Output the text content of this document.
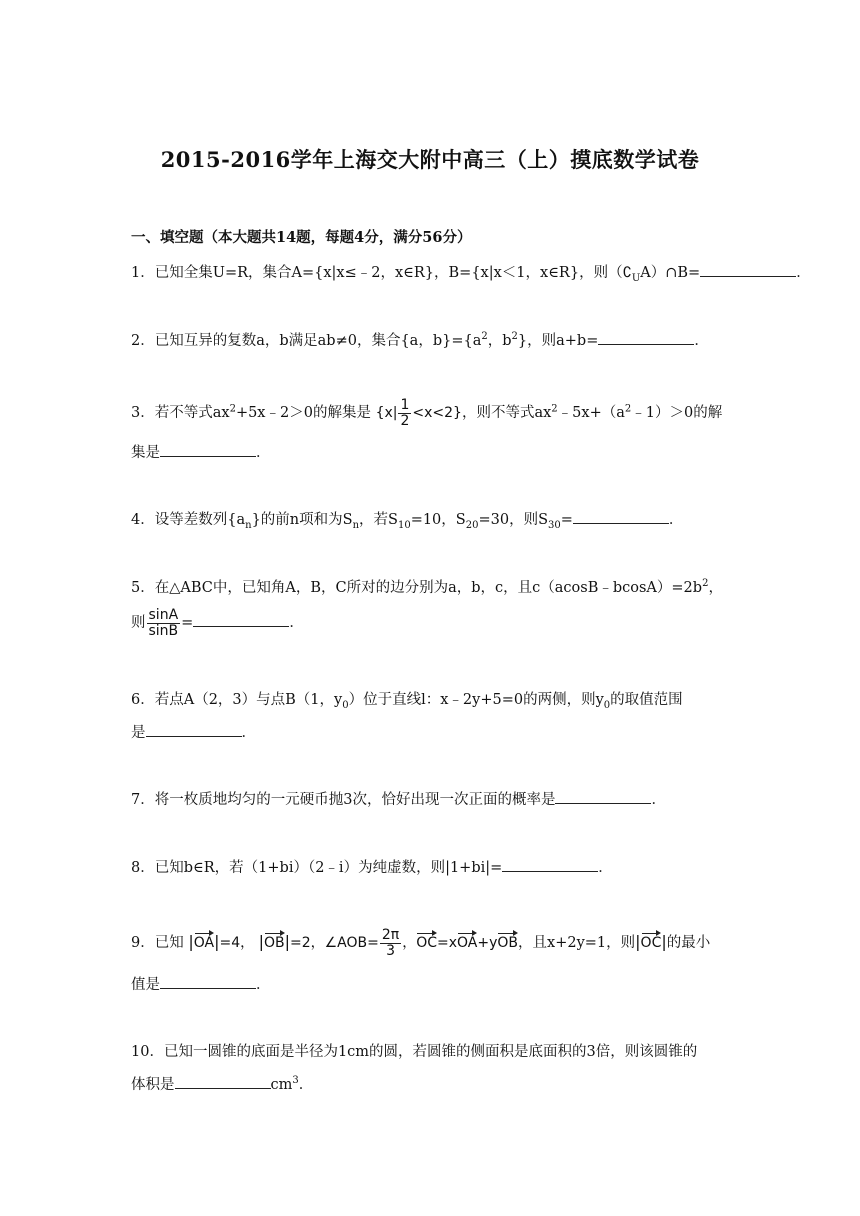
2015-2016学年上海交大附中高三（上）摸底数学试卷
一、填空题（本大题共14题，每题4分，满分56分）
1．已知全集U=R，集合A={x|x≤﹣2，x∈R}，B={x|x＜1，x∈R}，则$(∁_UA)\cap B=$	．
2．已知互异的复数a，b满足ab≠0，集合{a，$b\}=\{a^2$，$b^2$}，则a+b=	．
3．若不等式$ax^2+5x﹣2>0$的解集是 $\{x| \frac{1}{2} <x<2\}$，则不等式$ax^2﹣5x+(a^2﹣1)>0$的解
集是	．
4．设等差数列$\{a_n\}$的前n项和为$S_n$，若$S_{10}=10$，$S_{20}=30$，则$S_{30}=$	．
5．在△ABC中，已知角A，B，C所对的边分别为a，b，c，且$c(acosB﹣bcosA)=2b^2$，
则 $\frac{\sin A}{\sin B}$ =	．
6．若点A（2，3）与点B（1，$y_0$）位于直线l：x﹣2y+5=0的两侧，则$y_0$的取值范围
是	．
7．将一枚质地均匀的一元硬币抛3次，恰好出现一次正面的概率是	．
8．已知b∈R，若（1+bi）（2﹣i）为纯虚数，则|1+bi|=	．
9．已知 |OA|=4， |OB|=2，∠AOB= $\frac{2\pi}{3}$ ，OC=xOA+yOB，且x+2y=1，则|OC|的最小
值是	．
10．已知一圆锥的底面是半径为1cm的圆，若圆锥的侧面积是底面积的3倍，则该圆锥的
体积是	$cm^3$．
